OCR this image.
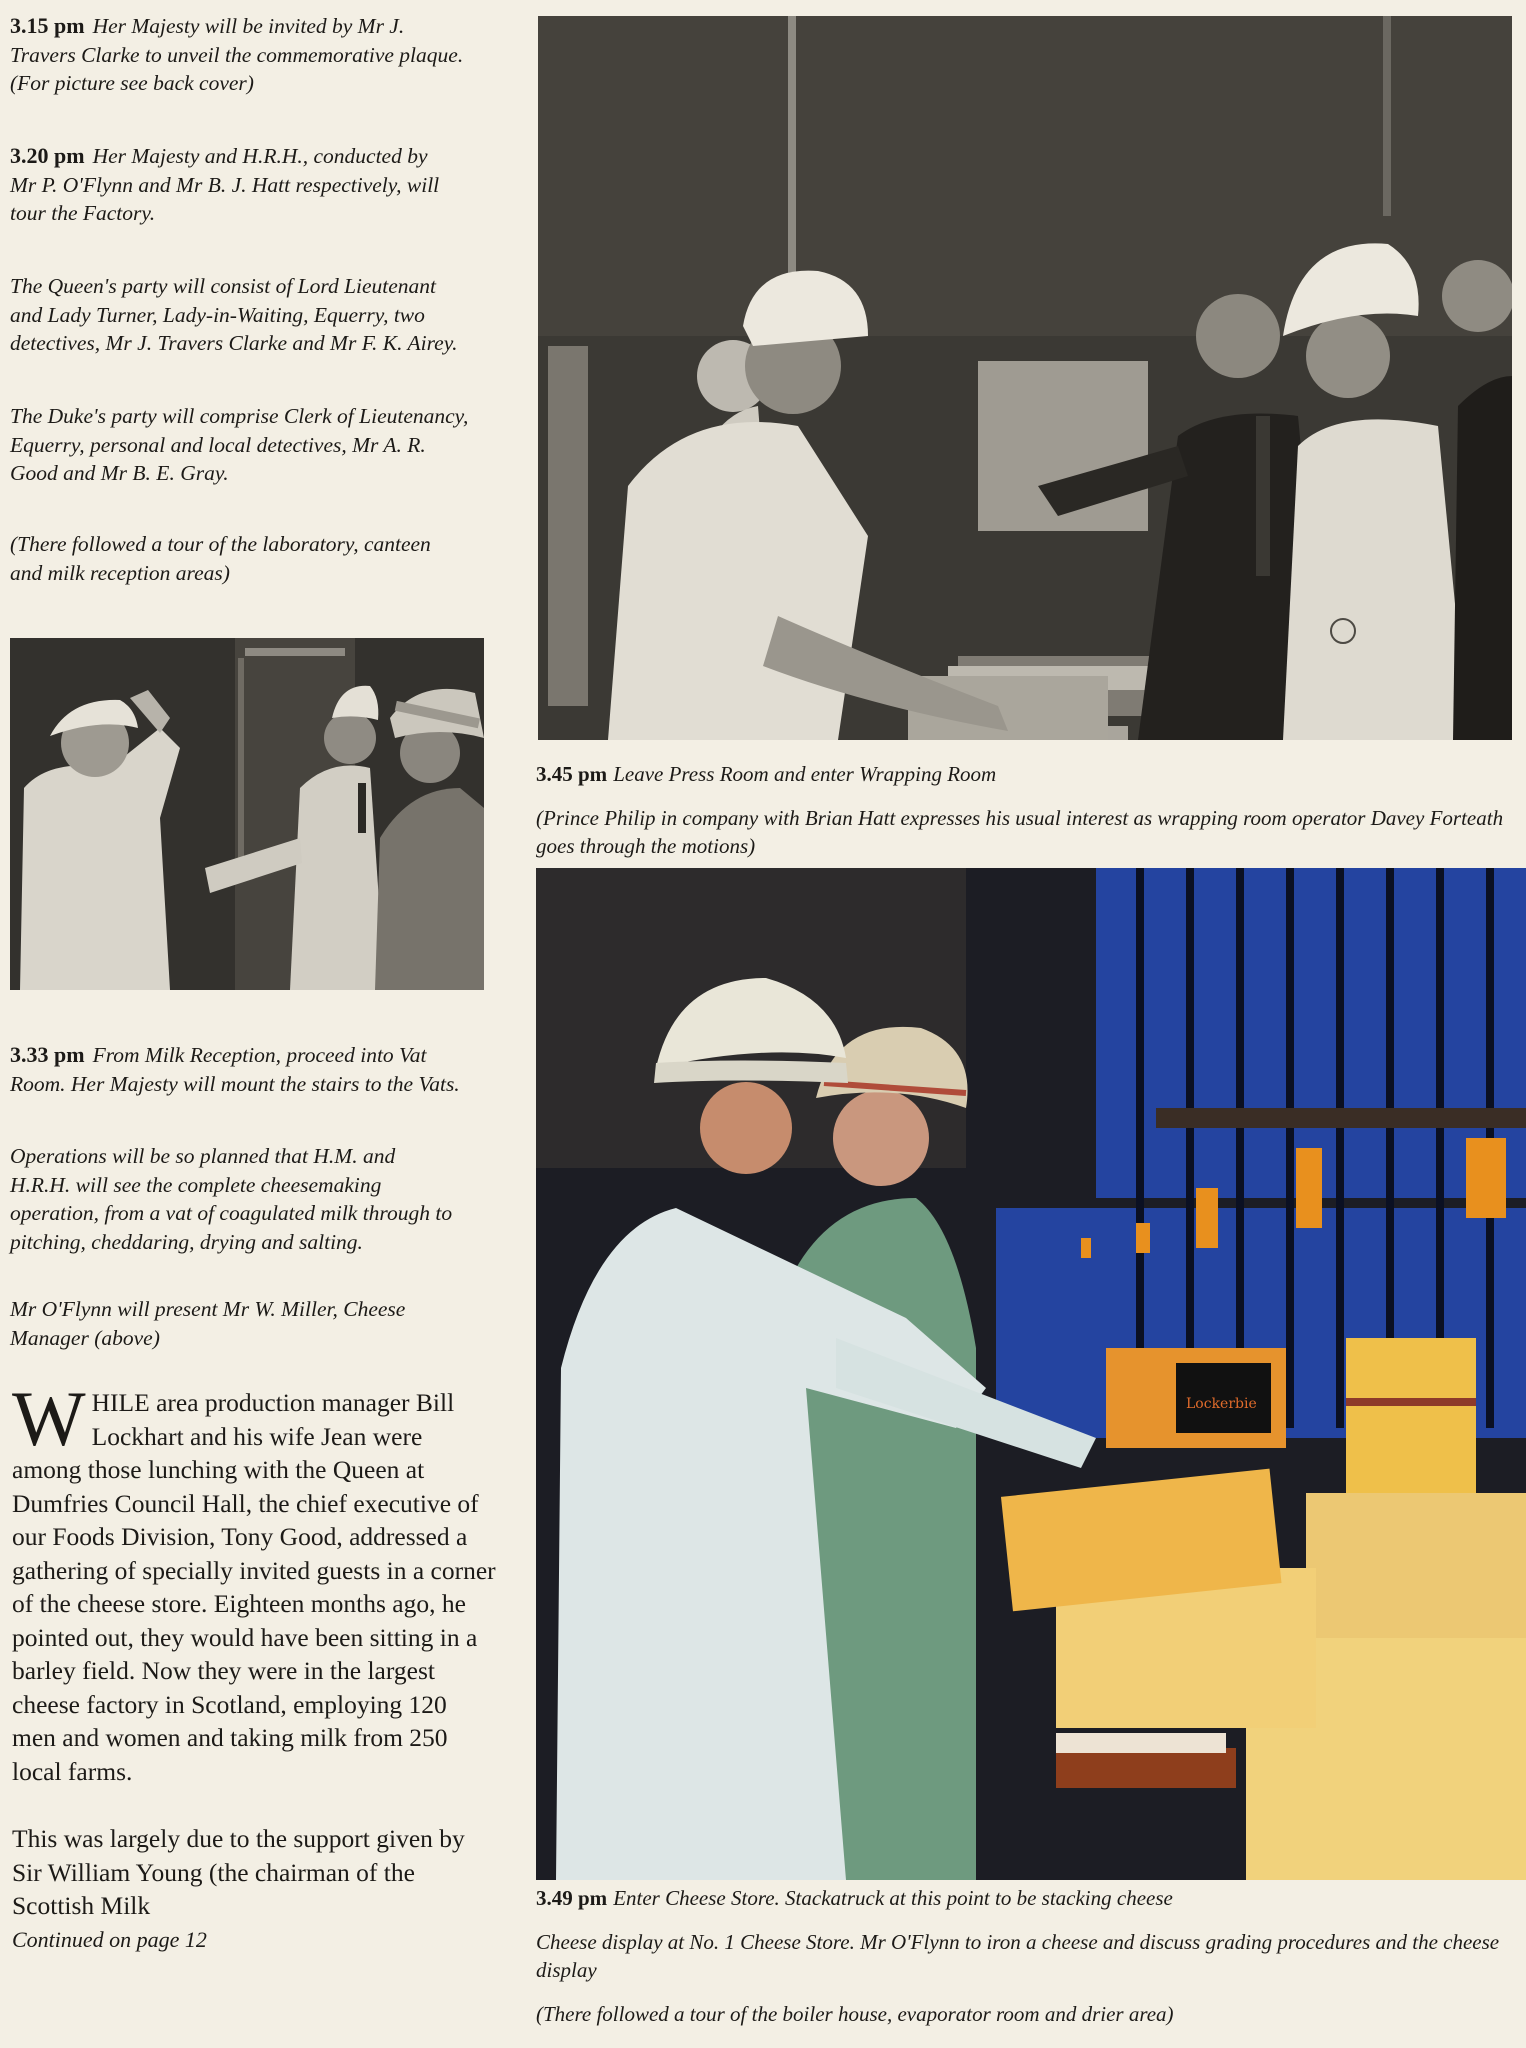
3.15 pm Her Majesty will be invited by Mr J. Travers Clarke to unveil the commemorative plaque. (For picture see back cover)

3.20 pm Her Majesty and H.R.H., conducted by Mr P. O'Flynn and Mr B. J. Hatt respectively, will tour the Factory.

The Queen's party will consist of Lord Lieutenant and Lady Turner, Lady-in-Waiting, Equerry, two detectives, Mr J. Travers Clarke and Mr F. K. Airey.

The Duke's party will comprise Clerk of Lieutenancy, Equerry, personal and local detectives, Mr A. R. Good and Mr B. E. Gray.

(There followed a tour of the laboratory, canteen and milk reception areas)

3.33 pm From Milk Reception, proceed into Vat Room. Her Majesty will mount the stairs to the Vats.

Operations will be so planned that H.M. and H.R.H. will see the complete cheesemaking operation, from a vat of coagulated milk through to pitching, cheddaring, drying and salting.

Mr O'Flynn will present Mr W. Miller, Cheese Manager (above)

WHILE area production manager Bill Lockhart and his wife Jean were among those lunching with the Queen at Dumfries Council Hall, the chief executive of our Foods Division, Tony Good, addressed a gathering of specially invited guests in a corner of the cheese store. Eighteen months ago, he pointed out, they would have been sitting in a barley field. Now they were in the largest cheese factory in Scotland, employing 120 men and women and taking milk from 250 local farms.

This was largely due to the support given by Sir William Young (the chairman of the Scottish Milk

Continued on page 12

3.45 pm Leave Press Room and enter Wrapping Room

(Prince Philip in company with Brian Hatt expresses his usual interest as wrapping room operator Davey Forteath goes through the motions)

Lockerbie

3.49 pm Enter Cheese Store. Stackatruck at this point to be stacking cheese

Cheese display at No. 1 Cheese Store. Mr O'Flynn to iron a cheese and discuss grading procedures and the cheese display

(There followed a tour of the boiler house, evaporator room and drier area)
